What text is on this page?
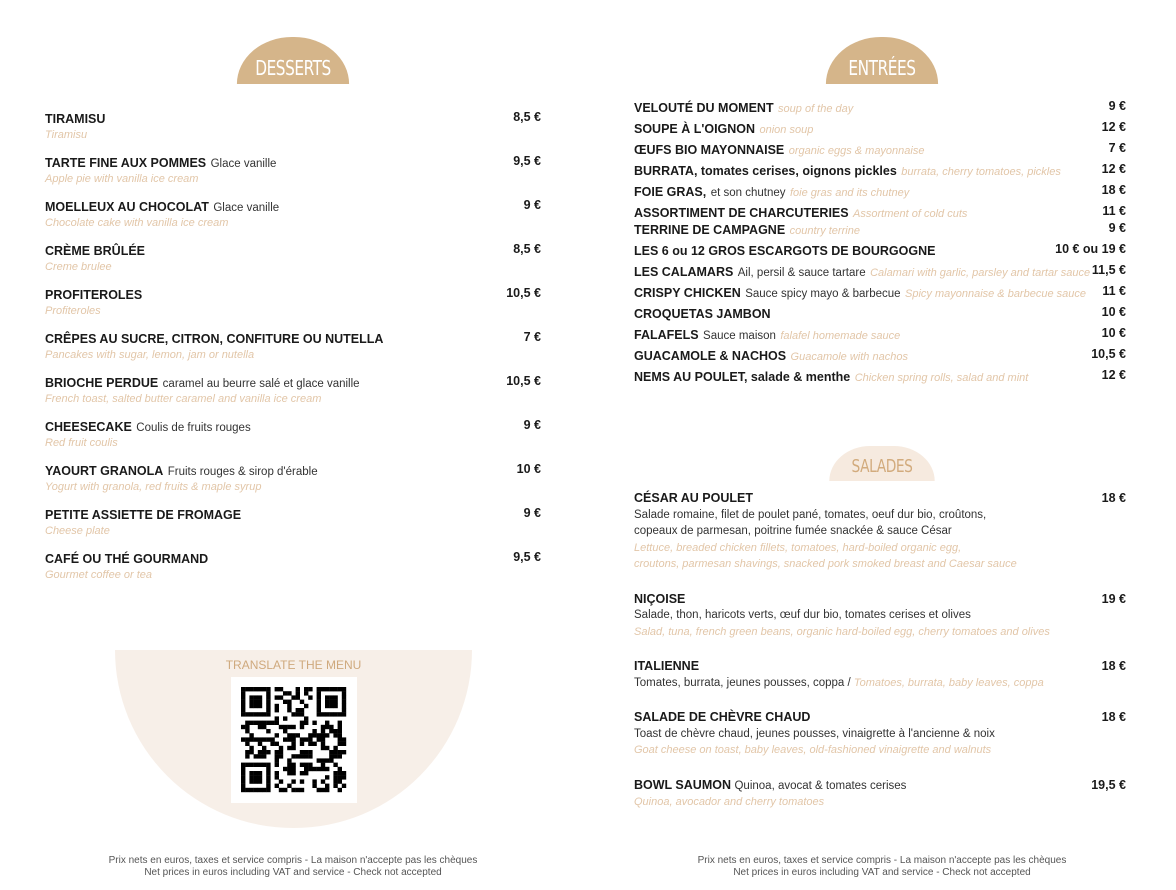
DESSERTS
TIRAMISU
Tiramisu
8,5 €
TARTE FINE AUX POMMES Glace vanille
Apple pie with vanilla ice cream
9,5 €
MOELLEUX AU CHOCOLAT Glace vanille
Chocolate cake with vanilla ice cream
9 €
CRÈME BRÛLÉE
Creme brulee
8,5 €
PROFITEROLES
Profiteroles
10,5 €
CRÊPES AU SUCRE, CITRON, CONFITURE OU NUTELLA
Pancakes with sugar, lemon, jam or nutella
7 €
BRIOCHE PERDUE caramel au beurre salé et glace vanille
French toast, salted butter caramel and vanilla ice cream
10,5 €
CHEESECAKE Coulis de fruits rouges
Red fruit coulis
9 €
YAOURT GRANOLA Fruits rouges & sirop d'érable
Yogurt with granola, red fruits & maple syrup
10 €
PETITE ASSIETTE DE FROMAGE
Cheese plate
9 €
CAFÉ OU THÉ GOURMAND
Gourmet coffee or tea
9,5 €
TRANSLATE THE MENU
ENTRÉES
VELOUTÉ DU MOMENT soup of the day	9 €
SOUPE À L'OIGNON onion soup	12 €
ŒUFS BIO MAYONNAISE organic eggs & mayonnaise	7 €
BURRATA, tomates cerises, oignons pickles burrata, cherry tomatoes, pickles	12 €
FOIE GRAS, et son chutney foie gras and its chutney	18 €
ASSORTIMENT DE CHARCUTERIES Assortment of cold cuts	11 €
TERRINE DE CAMPAGNE country terrine	9 €
LES 6 ou 12 GROS ESCARGOTS DE BOURGOGNE	10 € ou 19 €
LES CALAMARS Ail, persil & sauce tartare Calamari with garlic, parsley and tartar sauce 11,5 €
CRISPY CHICKEN Sauce spicy mayo & barbecue Spicy mayonnaise & barbecue sauce 11 €
CROQUETAS JAMBON	10 €
FALAFELS Sauce maison falafel homemade sauce	10 €
GUACAMOLE & NACHOS Guacamole with nachos	10,5 €
NEMS AU POULET, salade & menthe Chicken spring rolls, salad and mint	12 €
SALADES
CÉSAR AU POULET
Salade romaine, filet de poulet pané, tomates, oeuf dur bio, croûtons,
copeaux de parmesan, poitrine fumée snackée & sauce César
Lettuce, breaded chicken fillets, tomatoes, hard-boiled organic egg,
croutons, parmesan shavings, snacked pork smoked breast and Caesar sauce
18 €
NIÇOISE
Salade, thon, haricots verts, œuf dur bio, tomates cerises et olives
Salad, tuna, french green beans, organic hard-boiled egg, cherry tomatoes and olives
19 €
ITALIENNE
Tomates, burrata, jeunes pousses, coppa / Tomatoes, burrata, baby leaves, coppa
18 €
SALADE DE CHÈVRE CHAUD
Toast de chèvre chaud, jeunes pousses, vinaigrette à l'ancienne & noix
Goat cheese on toast, baby leaves, old-fashioned vinaigrette and walnuts
18 €
BOWL SAUMON Quinoa, avocat & tomates cerises
Quinoa, avocador and cherry tomatoes
19,5 €
Prix nets en euros, taxes et service compris - La maison n'accepte pas les chèques
Net prices in euros including VAT and service - Check not accepted
Prix nets en euros, taxes et service compris - La maison n'accepte pas les chèques
Net prices in euros including VAT and service - Check not accepted
